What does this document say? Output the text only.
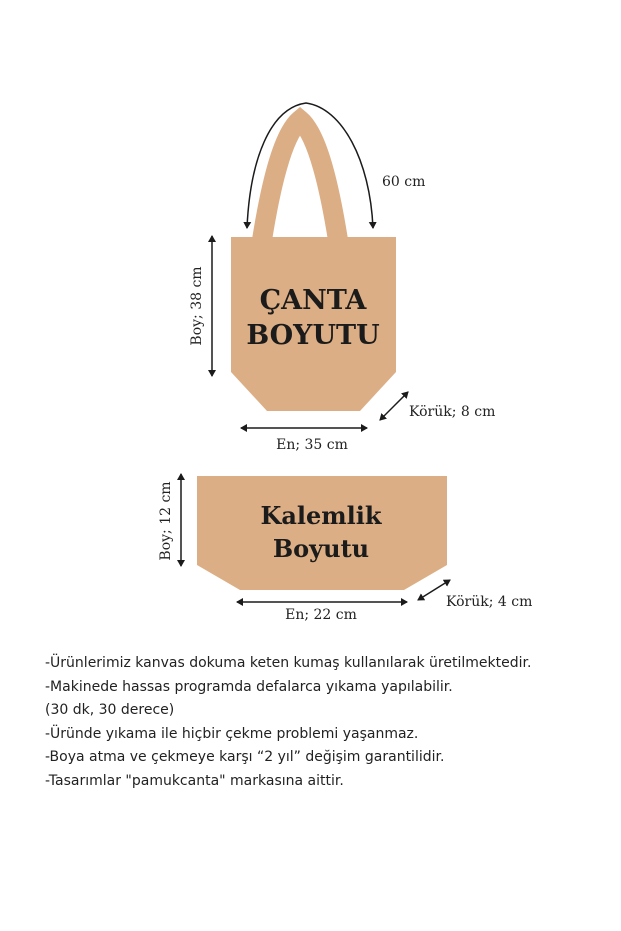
ÇANTA
BOYUTU
60 cm
Boy; 38 cm
En; 35 cm
Körük; 8 cm
Kalemlik
Boyutu
Boy; 12 cm
En; 22 cm
Körük; 4 cm
-Ürünlerimiz kanvas dokuma keten kumaş kullanılarak üretilmektedir.
-Makinede hassas programda defalarca yıkama yapılabilir.
(30 dk, 30 derece)
-Üründe yıkama ile hiçbir çekme problemi yaşanmaz.
-Boya atma ve çekmeye karşı “2 yıl” değişim garantilidir.
-Tasarımlar "pamukcanta" markasına aittir.
